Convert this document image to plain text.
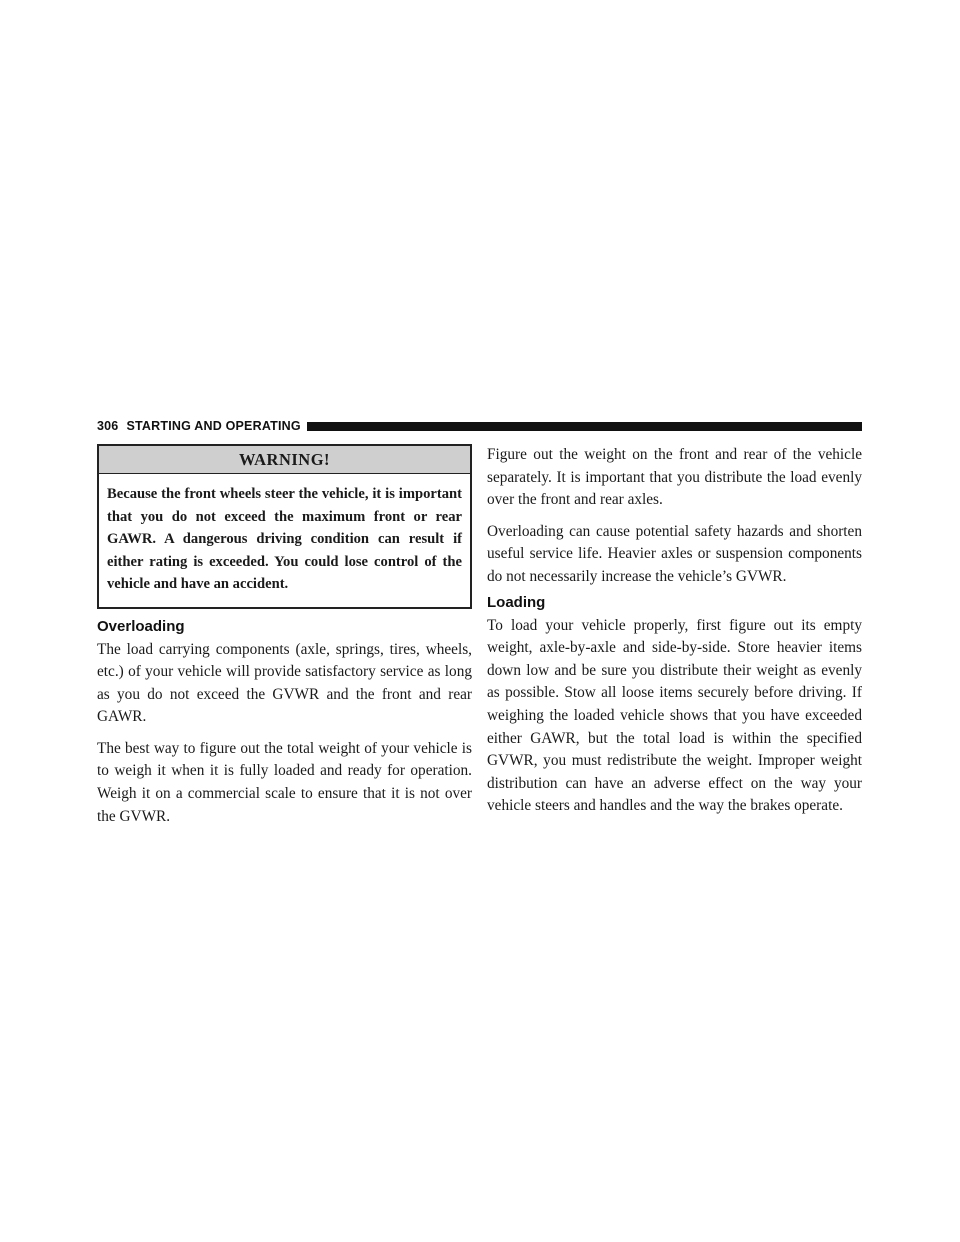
306 STARTING AND OPERATING
WARNING!
Because the front wheels steer the vehicle, it is important that you do not exceed the maximum front or rear GAWR. A dangerous driving condition can result if either rating is exceeded. You could lose control of the vehicle and have an accident.
Overloading

The load carrying components (axle, springs, tires, wheels, etc.) of your vehicle will provide satisfactory service as long as you do not exceed the GVWR and the front and rear GAWR.

The best way to figure out the total weight of your vehicle is to weigh it when it is fully loaded and ready for operation. Weigh it on a commercial scale to ensure that it is not over the GVWR.

Figure out the weight on the front and rear of the vehicle separately. It is important that you distribute the load evenly over the front and rear axles.

Overloading can cause potential safety hazards and shorten useful service life. Heavier axles or suspension components do not necessarily increase the vehicle’s GVWR.

Loading

To load your vehicle properly, first figure out its empty weight, axle-by-axle and side-by-side. Store heavier items down low and be sure you distribute their weight as evenly as possible. Stow all loose items securely before driving. If weighing the loaded vehicle shows that you have exceeded either GAWR, but the total load is within the specified GVWR, you must redistribute the weight. Improper weight distribution can have an adverse effect on the way your vehicle steers and handles and the way the brakes operate.
